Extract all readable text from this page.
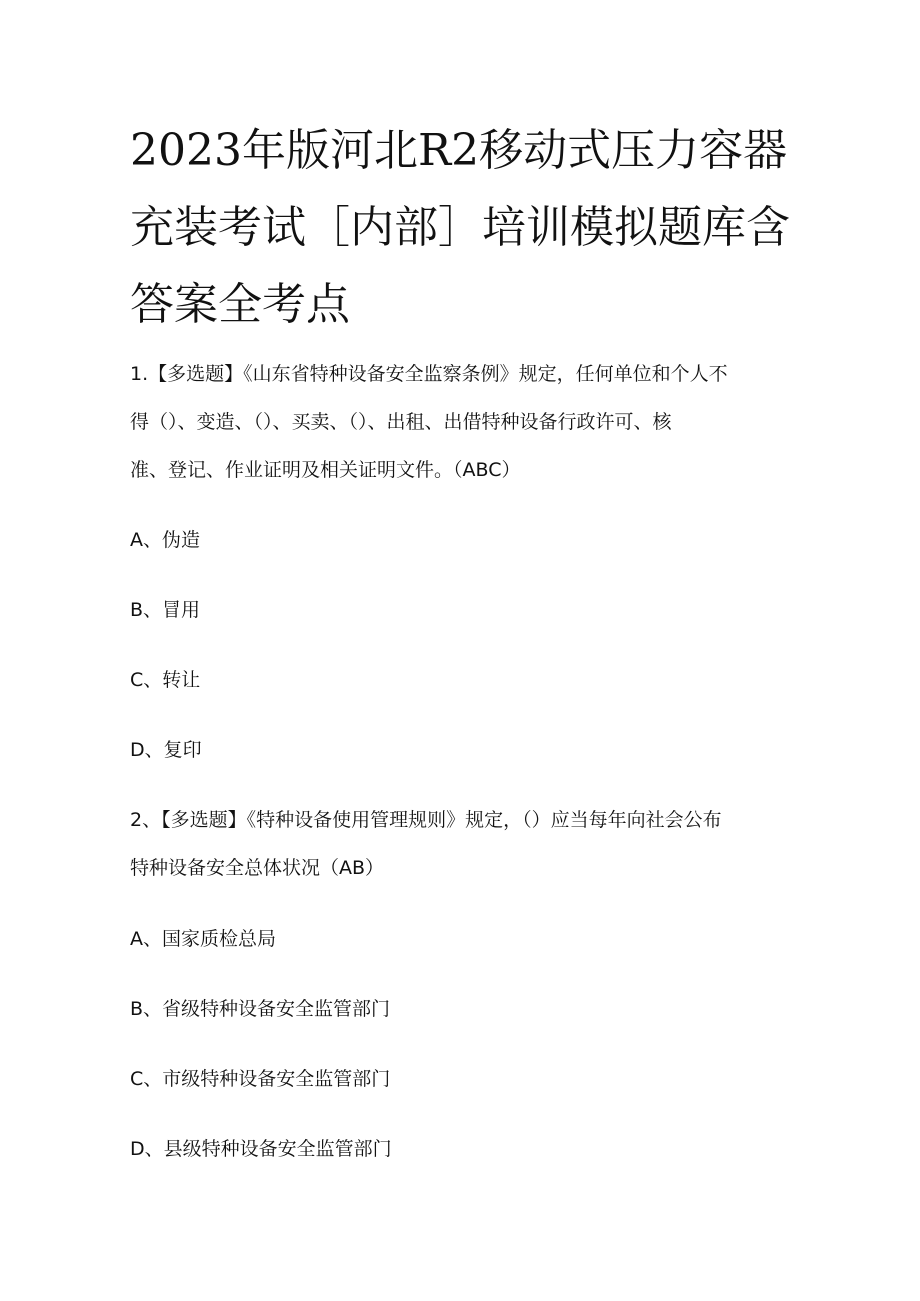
2023年版河北R2移动式压力容器
充装考试［内部］培训模拟题库含
答案全考点
1.【多选题】《山东省特种设备安全监察条例》规定，任何单位和个人不
得（）、变造、（）、买卖、（）、出租、出借特种设备行政许可、核
准、登记、作业证明及相关证明文件。（ABC）
A、伪造
B、冒用
C、转让
D、复印
2、【多选题】《特种设备使用管理规则》规定，（）应当每年向社会公布
特种设备安全总体状况（AB）
A、国家质检总局
B、省级特种设备安全监管部门
C、市级特种设备安全监管部门
D、县级特种设备安全监管部门
